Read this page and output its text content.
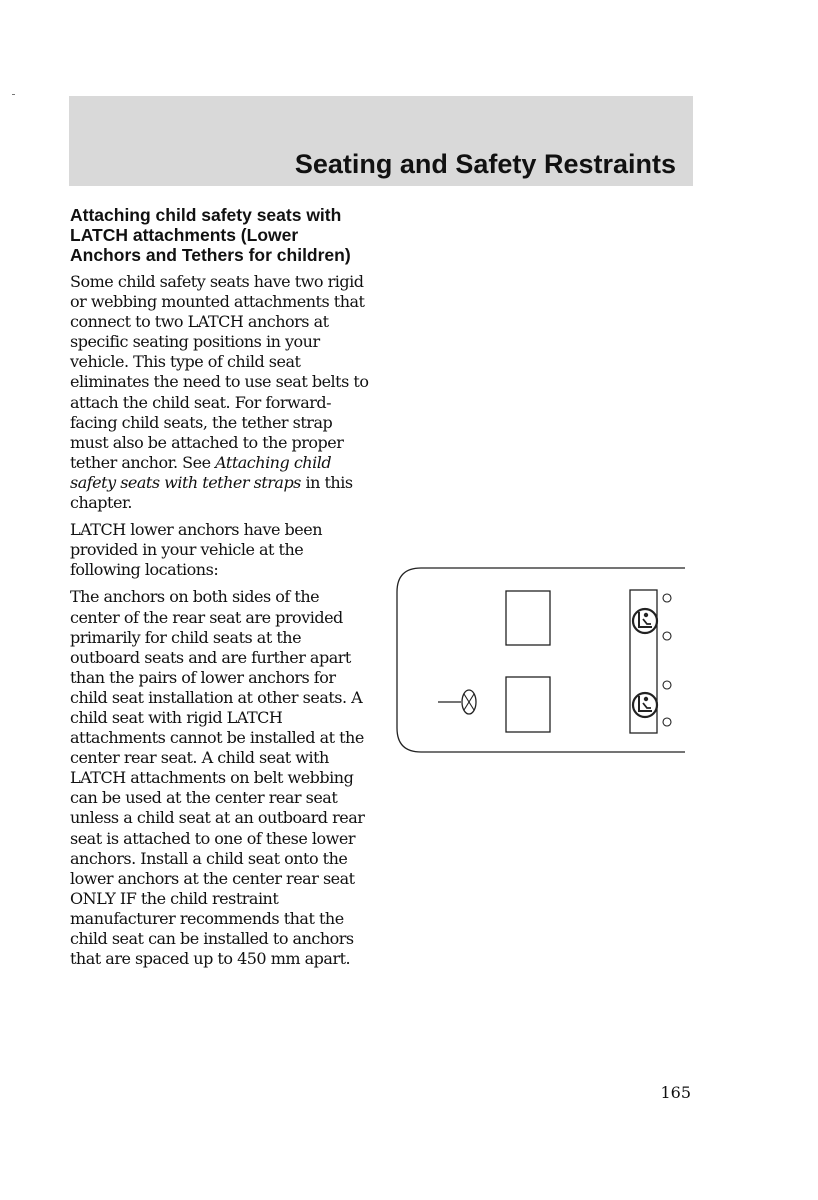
Seating and Safety Restraints
Attaching child safety seats with LATCH attachments (Lower Anchors and Tethers for children)

Some child safety seats have two rigid or webbing mounted attachments that connect to two LATCH anchors at specific seating positions in your vehicle. This type of child seat eliminates the need to use seat belts to attach the child seat. For forward-facing child seats, the tether strap must also be attached to the proper tether anchor. See Attaching child safety seats with tether straps in this chapter.

LATCH lower anchors have been provided in your vehicle at the following locations:

The anchors on both sides of the center of the rear seat are provided primarily for child seats at the outboard seats and are further apart than the pairs of lower anchors for child seat installation at other seats. A child seat with rigid LATCH attachments cannot be installed at the center rear seat. A child seat with LATCH attachments on belt webbing can be used at the center rear seat unless a child seat at an outboard rear seat is attached to one of these lower anchors. Install a child seat onto the lower anchors at the center rear seat ONLY IF the child restraint manufacturer recommends that the child seat can be installed to anchors that are spaced up to 450 mm apart.

165
